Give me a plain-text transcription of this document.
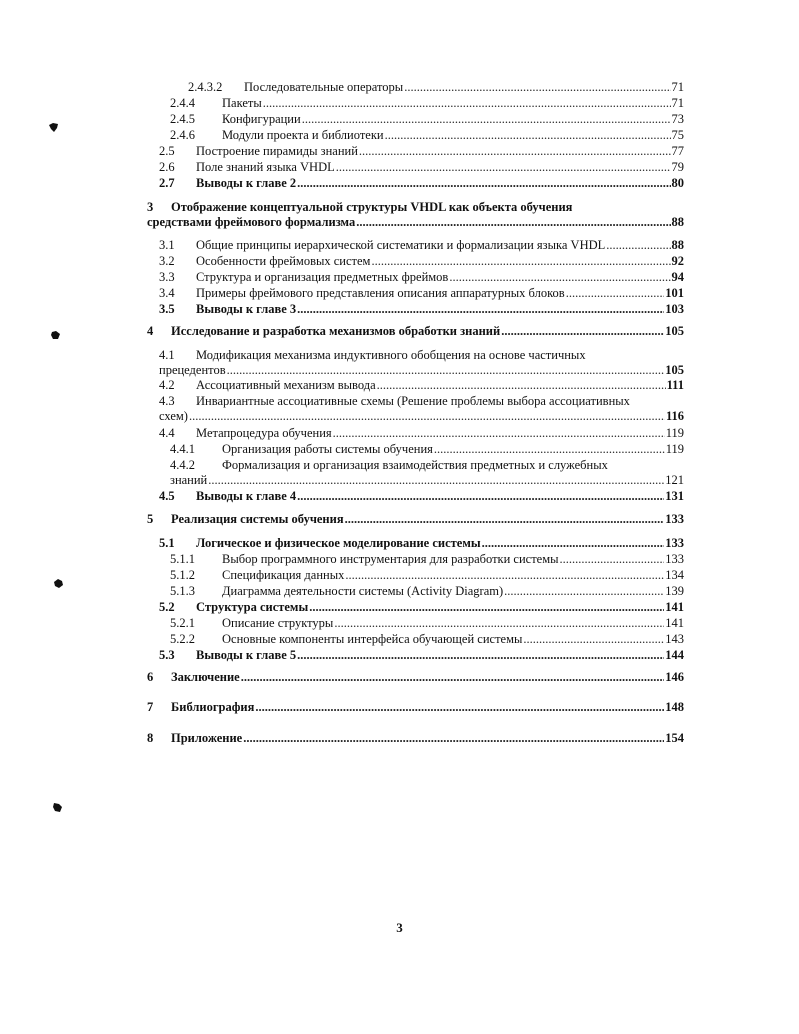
2.4.3.2 Последовательные операторы .....	71
2.4.4 Пакеты .....	71
2.4.5 Конфигурации .....	73
2.4.6 Модули проекта и библиотеки .....	75
2.5 Построение пирамиды знаний .....	77
2.6 Поле знаний языка VHDL .....	79
2.7 Выводы к главе 2 .....	80
3 Отображение концептуальной структуры VHDL как объекта обучения
средствами фреймового формализма .....	88
3.1 Общие принципы иерархической систематики и формализации языка VHDL .....	88
3.2 Особенности фреймовых систем .....	92
3.3 Структура и организация предметных фреймов .....	94
3.4 Примеры фреймового представления описания аппаратурных блоков .....	101
3.5 Выводы к главе 3 .....	103
4 Исследование и разработка механизмов обработки знаний .....	105
4.1 Модификация механизма индуктивного обобщения на основе частичных
прецедентов .....	105
4.2 Ассоциативный механизм вывода .....	111
4.3 Инвариантные ассоциативные схемы (Решение проблемы выбора ассоциативных
схем) .....	116
4.4 Метапроцедура обучения .....	119
4.4.1 Организация работы системы обучения .....	119
4.4.2 Формализация и организация взаимодействия предметных и служебных
знаний .....	121
4.5 Выводы к главе 4 .....	131
5 Реализация системы обучения .....	133
5.1 Логическое и физическое моделирование системы .....	133
5.1.1 Выбор программного инструментария для разработки системы .....	133
5.1.2 Спецификация данных .....	134
5.1.3 Диаграмма деятельности системы (Activity Diagram) .....	139
5.2 Структура системы .....	141
5.2.1 Описание структуры .....	141
5.2.2 Основные компоненты интерфейса обучающей системы .....	143
5.3 Выводы к главе 5 .....	144
6 Заключение .....	146
7 Библиография .....	148
8 Приложение .....	154
3
